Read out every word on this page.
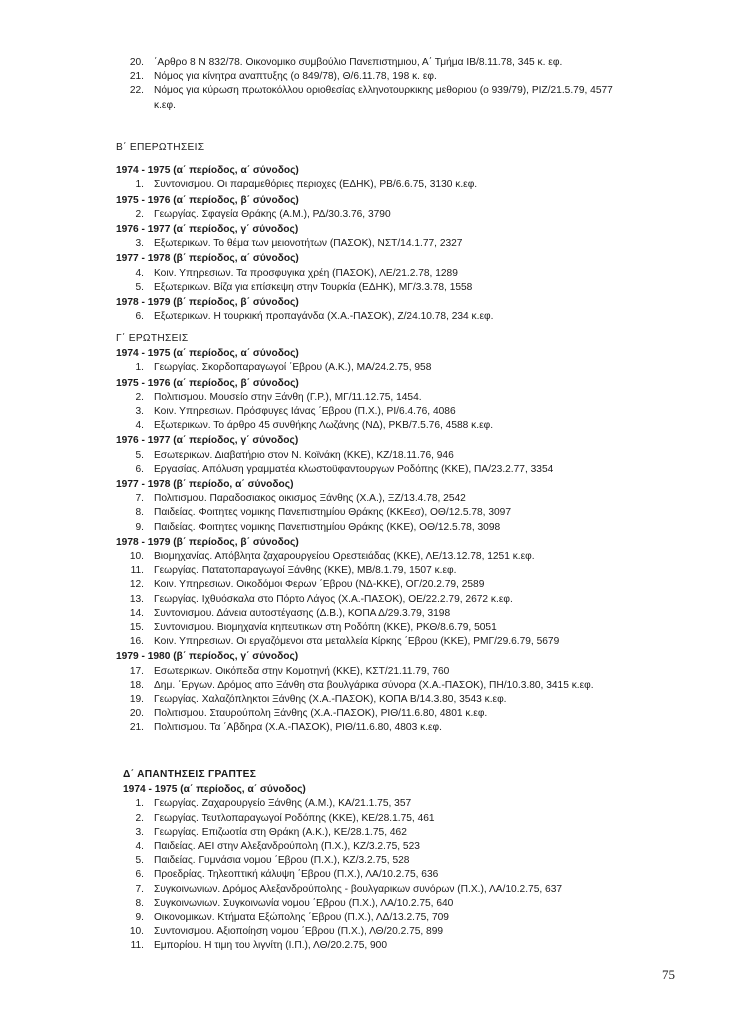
20. ΄Αρθρο 8 Ν 832/78. Οικονομικο συμβούλιο Πανεπιστημιου, Α΄ Τμήμα ΙΒ/8.11.78, 345 κ. εφ.
21. Νόμος για κίνητρα αναπτυξης (ο 849/78), Θ/6.11.78, 198 κ. εφ.
22. Νόμος για κύρωση πρωτοκόλλου οριοθεσίας ελληνοτουρκικης μεθοριου (ο 939/79), ΡΙΖ/21.5.79, 4577 κ.εφ.
Β΄ ΕΠΕΡΩΤΗΣΕΙΣ
1974 - 1975 (α΄ περίοδος, α΄ σύνοδος)
1. Συντονισμου. Οι παραμεθόριες περιοχες (ΕΔΗΚ), ΡΒ/6.6.75, 3130 κ.εφ.
1975 - 1976 (α΄ περίοδος, β΄ σύνοδος)
2. Γεωργίας. Σφαγεία Θράκης (Α.Μ.), ΡΔ/30.3.76, 3790
1976 - 1977 (α΄ περίοδος, γ΄ σύνοδος)
3. Εξωτερικων. Το θέμα των μειονοτήτων (ΠΑΣΟΚ), ΝΣΤ/14.1.77, 2327
1977 - 1978 (β΄ περίοδος, α΄ σύνοδος)
4. Κοιν. Υπηρεσιων. Τα προσφυγικα χρέη (ΠΑΣΟΚ), ΛΕ/21.2.78, 1289
5. Εξωτερικων. Βίζα για επίσκεψη στην Τουρκία (ΕΔΗΚ), ΜΓ/3.3.78, 1558
1978 - 1979 (β΄ περίοδος, β΄ σύνοδος)
6. Εξωτερικων. Η τουρκική προπαγάνδα (Χ.Α.-ΠΑΣΟΚ), Ζ/24.10.78, 234 κ.εφ.
Γ΄ ΕΡΩΤΗΣΕΙΣ
1974 - 1975 (α΄ περίοδος, α΄ σύνοδος)
1. Γεωργίας. Σκορδοπαραγωγοί ΄Εβρου (Α.Κ.), ΜΑ/24.2.75, 958
1975 - 1976 (α΄ περίοδος, β΄ σύνοδος)
2. Πολιτισμου. Μουσείο στην Ξάνθη (Γ.Ρ.), ΜΓ/11.12.75, 1454.
3. Κοιν. Υπηρεσιων. Πρόσφυγες Ιάνας ΄Εβρου (Π.Χ.), ΡΙ/6.4.76, 4086
4. Εξωτερικων. Το άρθρο 45 συνθήκης Λωζάνης (ΝΔ), ΡΚΒ/7.5.76, 4588 κ.εφ.
1976 - 1977 (α΄ περίοδος, γ΄ σύνοδος)
5. Εσωτερικων. Διαβατήριο στον Ν. Κοϊνάκη (ΚΚΕ), ΚΖ/18.11.76, 946
6. Εργασίας. Απόλυση γραμματέα κλωστοϋφαντουργων Ροδόπης (ΚΚΕ), ΠΑ/23.2.77, 3354
1977 - 1978 (β΄ περίοδο, α΄ σύνοδος)
7. Πολιτισμου. Παραδοσιακος οικισμος Ξάνθης (Χ.Α.), ΞΖ/13.4.78, 2542
8. Παιδείας. Φοιτητες νομικης Πανεπιστημίου Θράκης (ΚΚΕεσ), ΟΘ/12.5.78, 3097
9. Παιδείας. Φοιτητες νομικης Πανεπιστημίου Θράκης (ΚΚΕ), ΟΘ/12.5.78, 3098
1978 - 1979 (β΄ περίοδος, β΄ σύνοδος)
10. Βιομηχανίας. Απόβλητα ζαχαρουργείου Ορεστειάδας (ΚΚΕ), ΛΕ/13.12.78, 1251 κ.εφ.
11. Γεωργίας. Πατατοπαραγωγοί Ξάνθης (ΚΚΕ), ΜΒ/8.1.79, 1507 κ.εφ.
12. Κοιν. Υπηρεσιων. Οικοδόμοι Φερων ΄Εβρου (ΝΔ-ΚΚΕ), ΟΓ/20.2.79, 2589
13. Γεωργίας. Ιχθυόσκαλα στο Πόρτο Λάγος (Χ.Α.-ΠΑΣΟΚ), ΟΕ/22.2.79, 2672 κ.εφ.
14. Συντονισμου. Δάνεια αυτοστέγασης (Δ.Β.), ΚΟΠΑ Δ/29.3.79, 3198
15. Συντονισμου. Βιομηχανία κηπευτικων στη Ροδόπη (ΚΚΕ), ΡΚΘ/8.6.79, 5051
16. Κοιν. Υπηρεσιων. Οι εργαζόμενοι στα μεταλλεία Κίρκης ΄Εβρου (ΚΚΕ), ΡΜΓ/29.6.79, 5679
1979 - 1980 (β΄ περίοδος, γ΄ σύνοδος)
17. Εσωτερικων. Οικόπεδα στην Κομοτηνή (ΚΚΕ), ΚΣΤ/21.11.79, 760
18. Δημ. ΄Εργων. Δρόμος απο Ξάνθη στα βουλγάρικα σύνορα (Χ.Α.-ΠΑΣΟΚ), ΠΗ/10.3.80, 3415 κ.εφ.
19. Γεωργίας. Χαλαζόπληκτοι Ξάνθης (Χ.Α.-ΠΑΣΟΚ), ΚΟΠΑ Β/14.3.80, 3543 κ.εφ.
20. Πολιτισμου. Σταυρούπολη Ξάνθης (Χ.Α.-ΠΑΣΟΚ), ΡΙΘ/11.6.80, 4801 κ.εφ.
21. Πολιτισμου. Τα ΄Αβδηρα (Χ.Α.-ΠΑΣΟΚ), ΡΙΘ/11.6.80, 4803 κ.εφ.
Δ΄ ΑΠΑΝΤΗΣΕΙΣ ΓΡΑΠΤΕΣ
1974 - 1975 (α΄ περίοδος, α΄ σύνοδος)
1. Γεωργίας. Ζαχαρουργείο Ξάνθης (Α.Μ.), ΚΑ/21.1.75, 357
2. Γεωργίας. Τευτλοπαραγωγοί Ροδόπης (ΚΚΕ), ΚΕ/28.1.75, 461
3. Γεωργίας. Επιζωοτία στη Θράκη (Α.Κ.), ΚΕ/28.1.75, 462
4. Παιδείας. ΑΕΙ στην Αλεξανδρούπολη (Π.Χ.), ΚΖ/3.2.75, 523
5. Παιδείας. Γυμνάσια νομου ΄Εβρου (Π.Χ.), ΚΖ/3.2.75, 528
6. Προεδρίας. Τηλεοπτική κάλυψη ΄Εβρου (Π.Χ.), ΛΑ/10.2.75, 636
7. Συγκοινωνιων. Δρόμος Αλεξανδρούπολης - βουλγαρικων συνόρων (Π.Χ.), ΛΑ/10.2.75, 637
8. Συγκοινωνιων. Συγκοινωνία νομου ΄Εβρου (Π.Χ.), ΛΑ/10.2.75, 640
9. Οικονομικων. Κτήματα Εξώπολης ΄Εβρου (Π.Χ.), ΛΔ/13.2.75, 709
10. Συντονισμου. Αξιοποίηση νομου ΄Εβρου (Π.Χ.), ΛΘ/20.2.75, 899
11. Εμπορίου. Η τιμη του λιγνίτη (Ι.Π.), ΛΘ/20.2.75, 900
75
